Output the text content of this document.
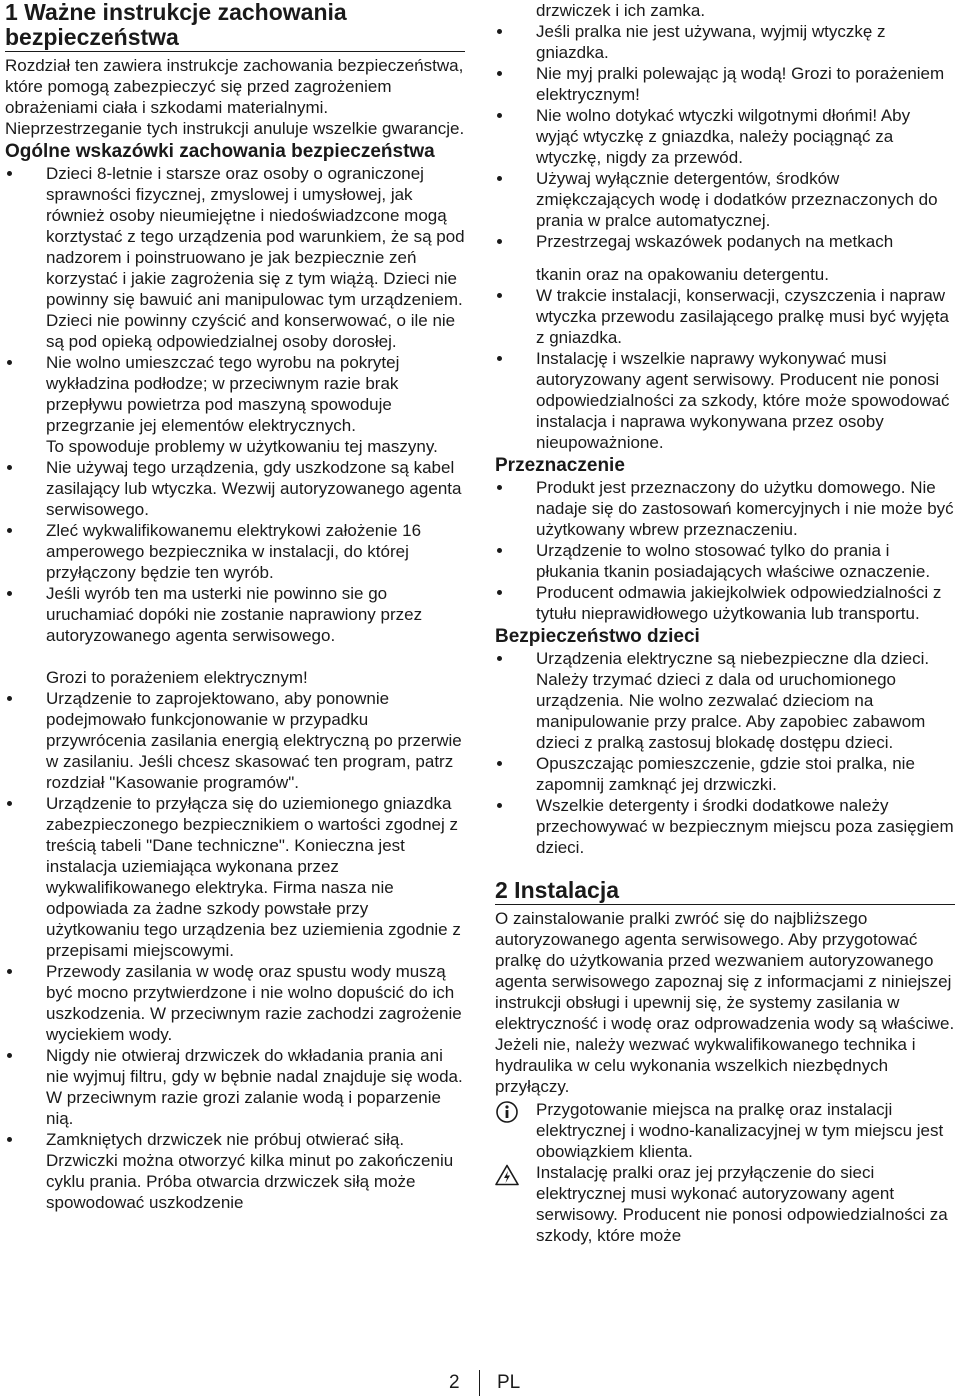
1 Ważne instrukcje zachowania bezpieczeństwa

Rozdział ten zawiera instrukcje zachowania bezpieczeństwa, które pomogą zabezpieczyć się przed zagrożeniem obrażeniami ciała i szkodami materialnymi. Nieprzestrzeganie tych instrukcji anuluje wszelkie gwarancje.

Ogólne wskazówki zachowania bezpieczeństwa
Dzieci 8-letnie i starsze oraz osoby o ograniczonej sprawności fizycznej, zmyslowej i umysłowej, jak również osoby nieumiejętne i niedoświadzcone mogą korztystać z tego urządzenia pod warunkiem, że są pod nadzorem i poinstruowano je jak bezpiecznie zeń korzystać i jakie zagrożenia się z tym wiążą. Dzieci nie powinny się bawuić ani manipulowac tym urządzeniem. Dzieci nie powinny czyścić and konserwować, o ile nie są pod opieką odpowiedzialnej osoby dorosłej.
Nie wolno umieszczać tego wyrobu na pokrytej wykładzina podłodze; w przeciwnym razie brak przepływu powietrza pod maszyną spowoduje przegrzanie jej elementów elektrycznych.

To spowoduje problemy w użytkowaniu tej maszyny.

Nie używaj tego urządzenia, gdy uszkodzone są kabel zasilający lub wtyczka. Wezwij autoryzowanego agenta serwisowego.
Zleć wykwalifikowanemu elektrykowi założenie 16 amperowego bezpiecznika w instalacji, do której przyłączony będzie ten wyrób.
Jeśli wyrób ten ma usterki nie powinno sie go uruchamiać dopóki nie zostanie naprawiony przez autoryzowanego agenta serwisowego.

Grozi to porażeniem elektrycznym!

Urządzenie to zaprojektowano, aby ponownie podejmowało funkcjonowanie w przypadku przywrócenia zasilania energią elektryczną po przerwie w zasilaniu. Jeśli chcesz skasować ten program, patrz rozdział "Kasowanie programów".
Urządzenie to przyłącza się do uziemionego gniazdka zabezpieczonego bezpiecznikiem o wartości zgodnej z treścią tabeli "Dane techniczne". Konieczna jest instalacja uziemiająca wykonana przez wykwalifikowanego elektryka. Firma nasza nie odpowiada za żadne szkody powstałe przy użytkowaniu tego urządzenia bez uziemienia zgodnie z przepisami miejscowymi.
Przewody zasilania w wodę oraz spustu wody muszą być mocno przytwierdzone i nie wolno dopuścić do ich uszkodzenia. W przeciwnym razie zachodzi zagrożenie wyciekiem wody.
Nigdy nie otwieraj drzwiczek do wkładania prania ani nie wyjmuj filtru, gdy w bębnie nadal znajduje się woda. W przeciwnym razie grozi zalanie wodą i poparzenie nią.
Zamkniętych drzwiczek nie próbuj otwierać siłą. Drzwiczki można otworzyć kilka minut po zakończeniu cyklu prania. Próba otwarcia drzwiczek siłą może spowodować uszkodzenie

drzwiczek i ich zamka.

Jeśli pralka nie jest używana, wyjmij wtyczkę z gniazdka.
Nie myj pralki polewając ją wodą! Grozi to porażeniem elektrycznym!
Nie wolno dotykać wtyczki wilgotnymi dłońmi! Aby wyjąć wtyczkę z gniazdka, należy pociągnąć za wtyczkę, nigdy za przewód.
Używaj wyłącznie detergentów, środków zmiękczających wodę i dodatków przeznaczonych do prania w pralce automatycznej.
Przestrzegaj wskazówek podanych na metkach

tkanin oraz na opakowaniu detergentu.

W trakcie instalacji, konserwacji, czyszczenia i napraw wtyczka przewodu zasilającego pralkę musi być wyjęta z gniazdka.
Instalację i wszelkie naprawy wykonywać musi autoryzowany agent serwisowy. Producent nie ponosi odpowiedzialności za szkody, które może spowodować instalacja i naprawa wykonywana przez osoby nieupoważnione.
Przeznaczenie
Produkt jest przeznaczony do użytku domowego. Nie nadaje się do zastosowań komercyjnych i nie może być użytkowany wbrew przeznaczeniu.
Urządzenie to wolno stosować tylko do prania i płukania tkanin posiadających właściwe oznaczenie.
Producent odmawia jakiejkolwiek odpowiedzialności z tytułu nieprawidłowego użytkowania lub transportu.
Bezpieczeństwo dzieci
Urządzenia elektryczne są niebezpieczne dla dzieci. Należy trzymać dzieci z dala od uruchomionego urządzenia. Nie wolno zezwalać dzieciom na manipulowanie przy pralce. Aby zapobiec zabawom dzieci z pralką zastosuj blokadę dostępu dzieci.
Opuszczając pomieszczenie, gdzie stoi pralka, nie zapomnij zamknąć jej drzwiczki.
Wszelkie detergenty i środki dodatkowe należy przechowywać w bezpiecznym miejscu poza zasięgiem dzieci.
2 Instalacja

O zainstalowanie pralki zwróć się do najbliższego autoryzowanego agenta serwisowego. Aby przygotować pralkę do użytkowania przed wezwaniem autoryzowanego agenta serwisowego zapoznaj się z informacjami z niniejszej instrukcji obsługi i upewnij się, że systemy zasilania w elektryczność i wodę oraz odprowadzenia wody są właściwe. Jeżeli nie, należy wezwać wykwalifikowanego technika i hydraulika w celu wykonania wszelkich niezbędnych przyłączy.

Przygotowanie miejsca na pralkę oraz instalacji elektrycznej i wodno-kanalizacyjnej w tym miejscu jest obowiązkiem klienta.

Instalację pralki oraz jej przyłączenie do sieci elektrycznej musi wykonać autoryzowany agent serwisowy. Producent nie ponosi odpowiedzialności za szkody, które może

2 PL
